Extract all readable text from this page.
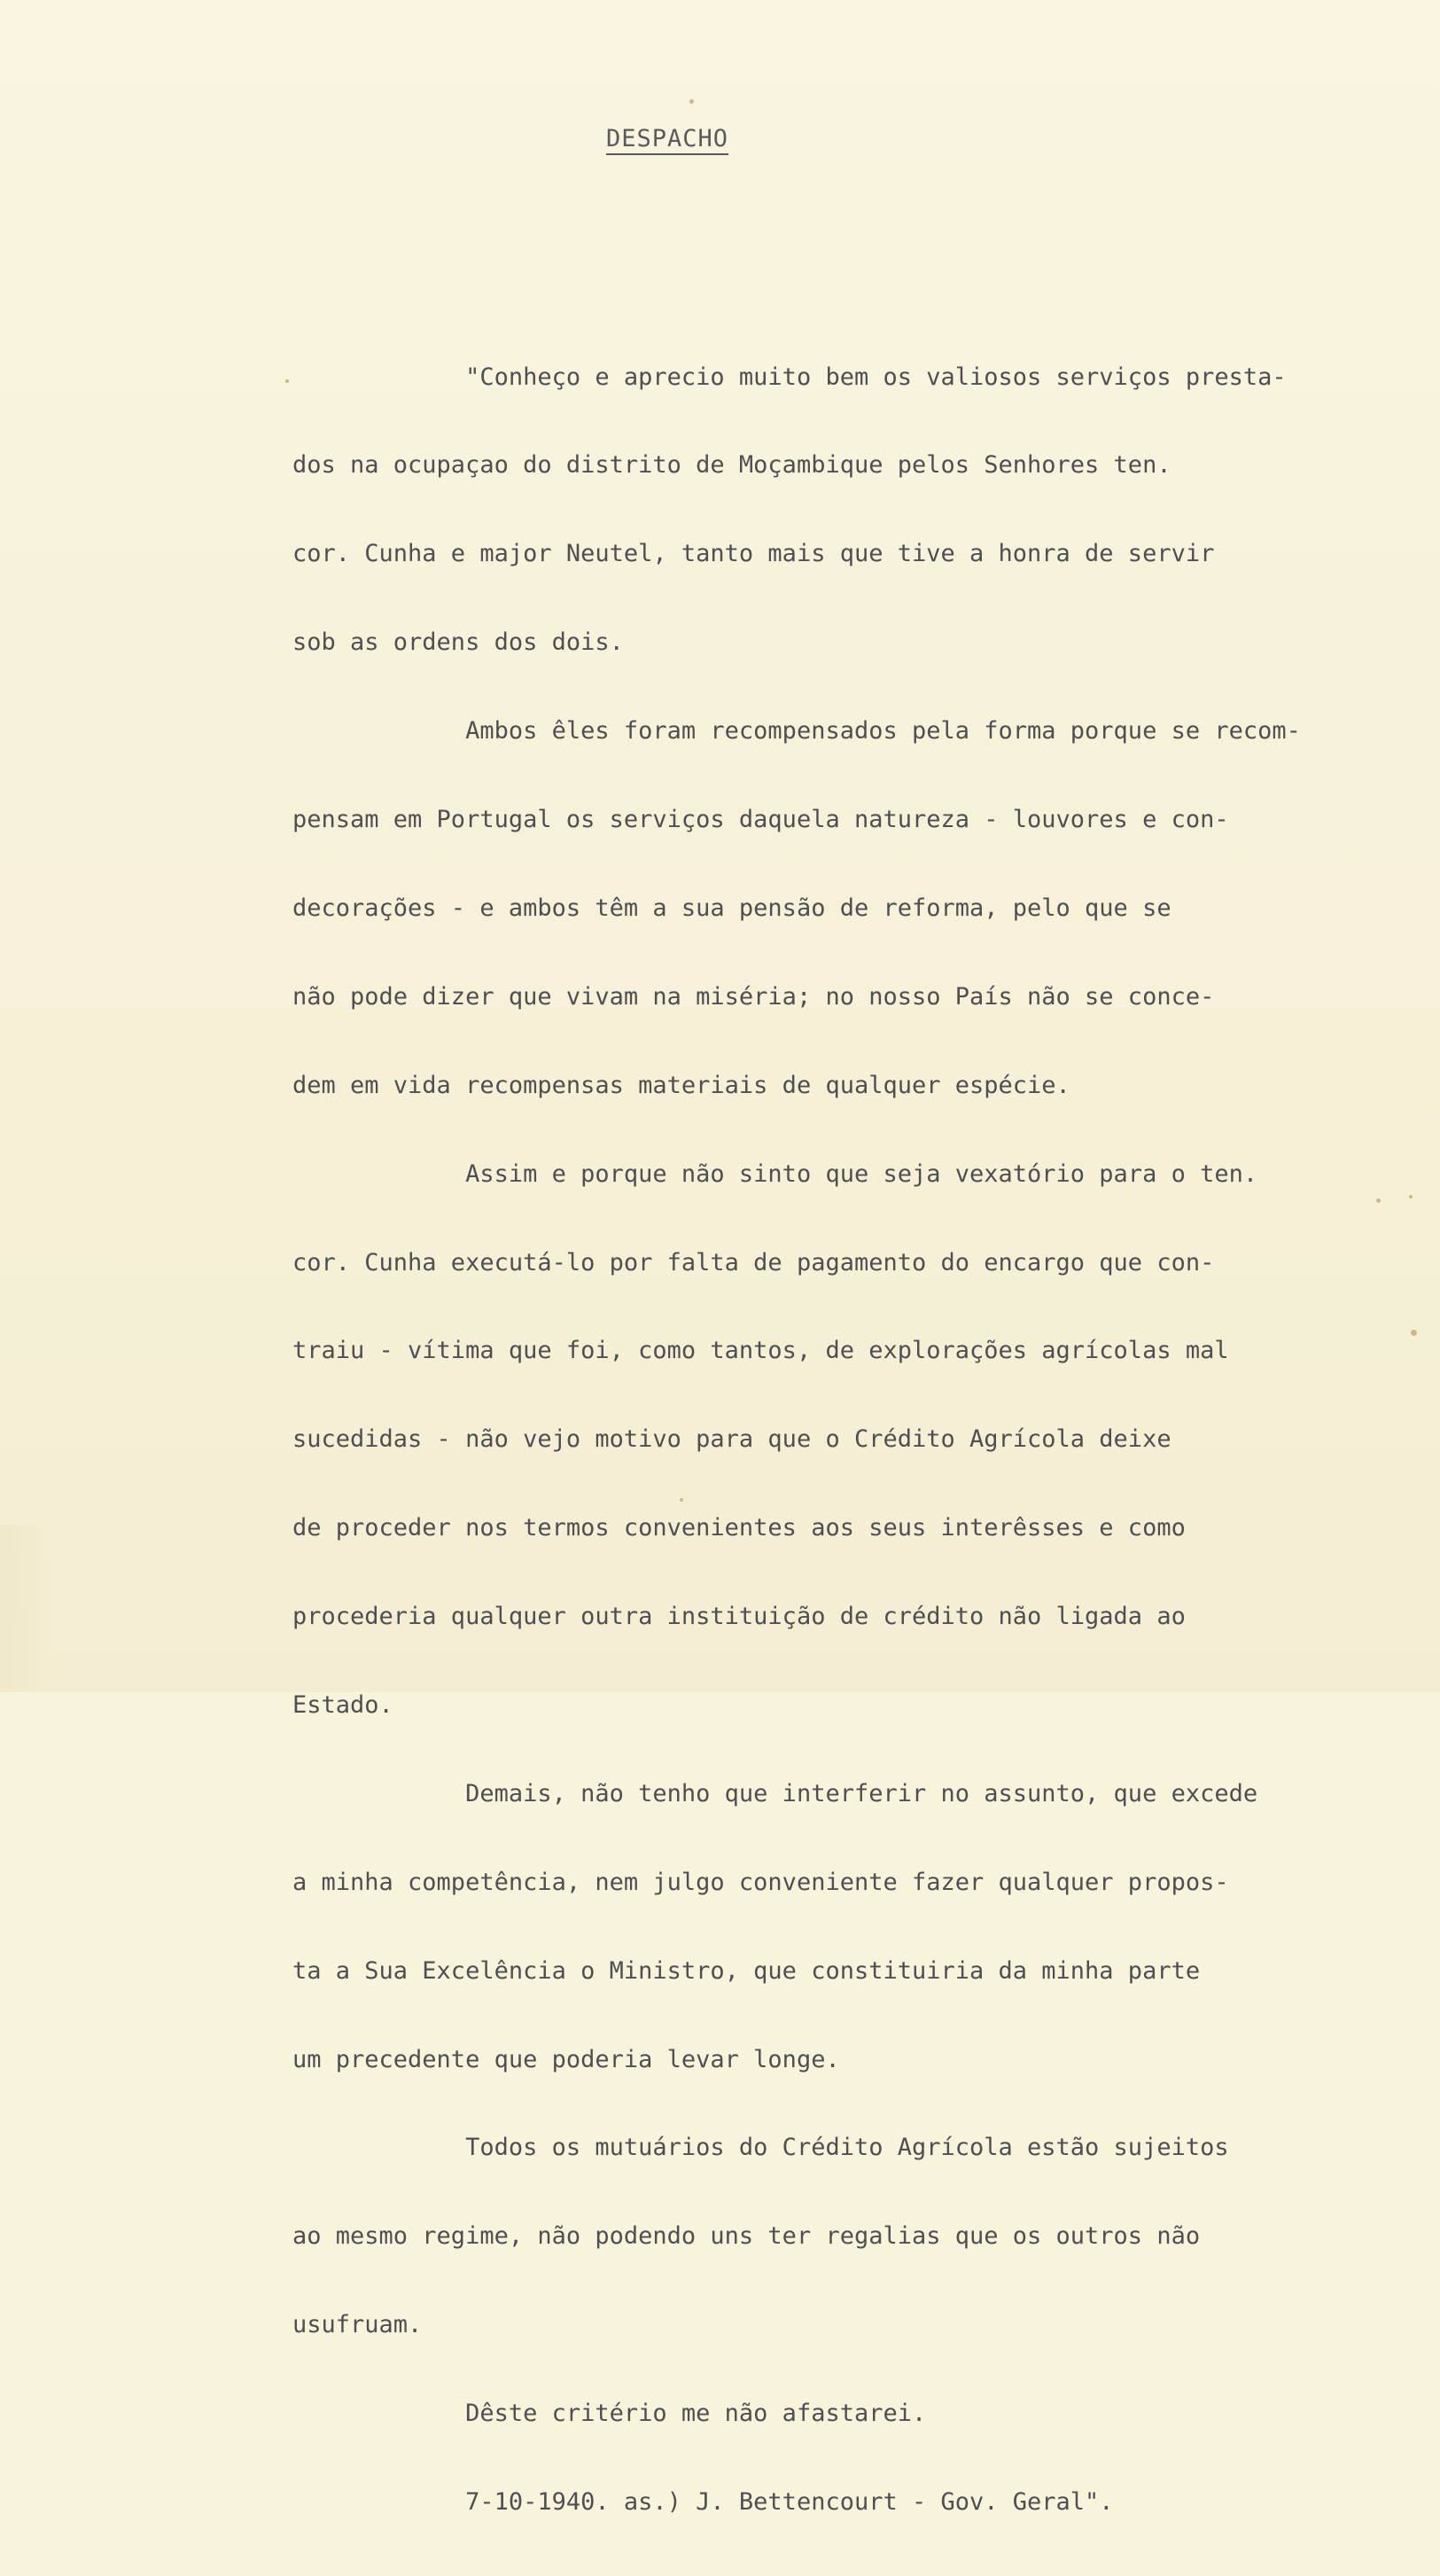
DESPACHO

"Conheço e aprecio muito bem os valiosos serviços presta-

dos na ocupaçao do distrito de Moçambique pelos Senhores ten.

cor. Cunha e major Neutel, tanto mais que tive a honra de servir

sob as ordens dos dois.

Ambos êles foram recompensados pela forma porque se recom-

pensam em Portugal os serviços daquela natureza - louvores e con-

decorações - e ambos têm a sua pensão de reforma, pelo que se

não pode dizer que vivam na miséria; no nosso País não se conce-

dem em vida recompensas materiais de qualquer espécie.

Assim e porque não sinto que seja vexatório para o ten.

cor. Cunha executá-lo por falta de pagamento do encargo que con-

traiu - vítima que foi, como tantos, de explorações agrícolas mal

sucedidas - não vejo motivo para que o Crédito Agrícola deixe

de proceder nos termos convenientes aos seus interêsses e como

procederia qualquer outra instituição de crédito não ligada ao

Estado.

Demais, não tenho que interferir no assunto, que excede

a minha competência, nem julgo conveniente fazer qualquer propos-

ta a Sua Excelência o Ministro, que constituiria da minha parte

um precedente que poderia levar longe.

Todos os mutuários do Crédito Agrícola estão sujeitos

ao mesmo regime, não podendo uns ter regalias que os outros não

usufruam.

Dêste critério me não afastarei.

7-10-1940. as.) J. Bettencourt - Gov. Geral".
